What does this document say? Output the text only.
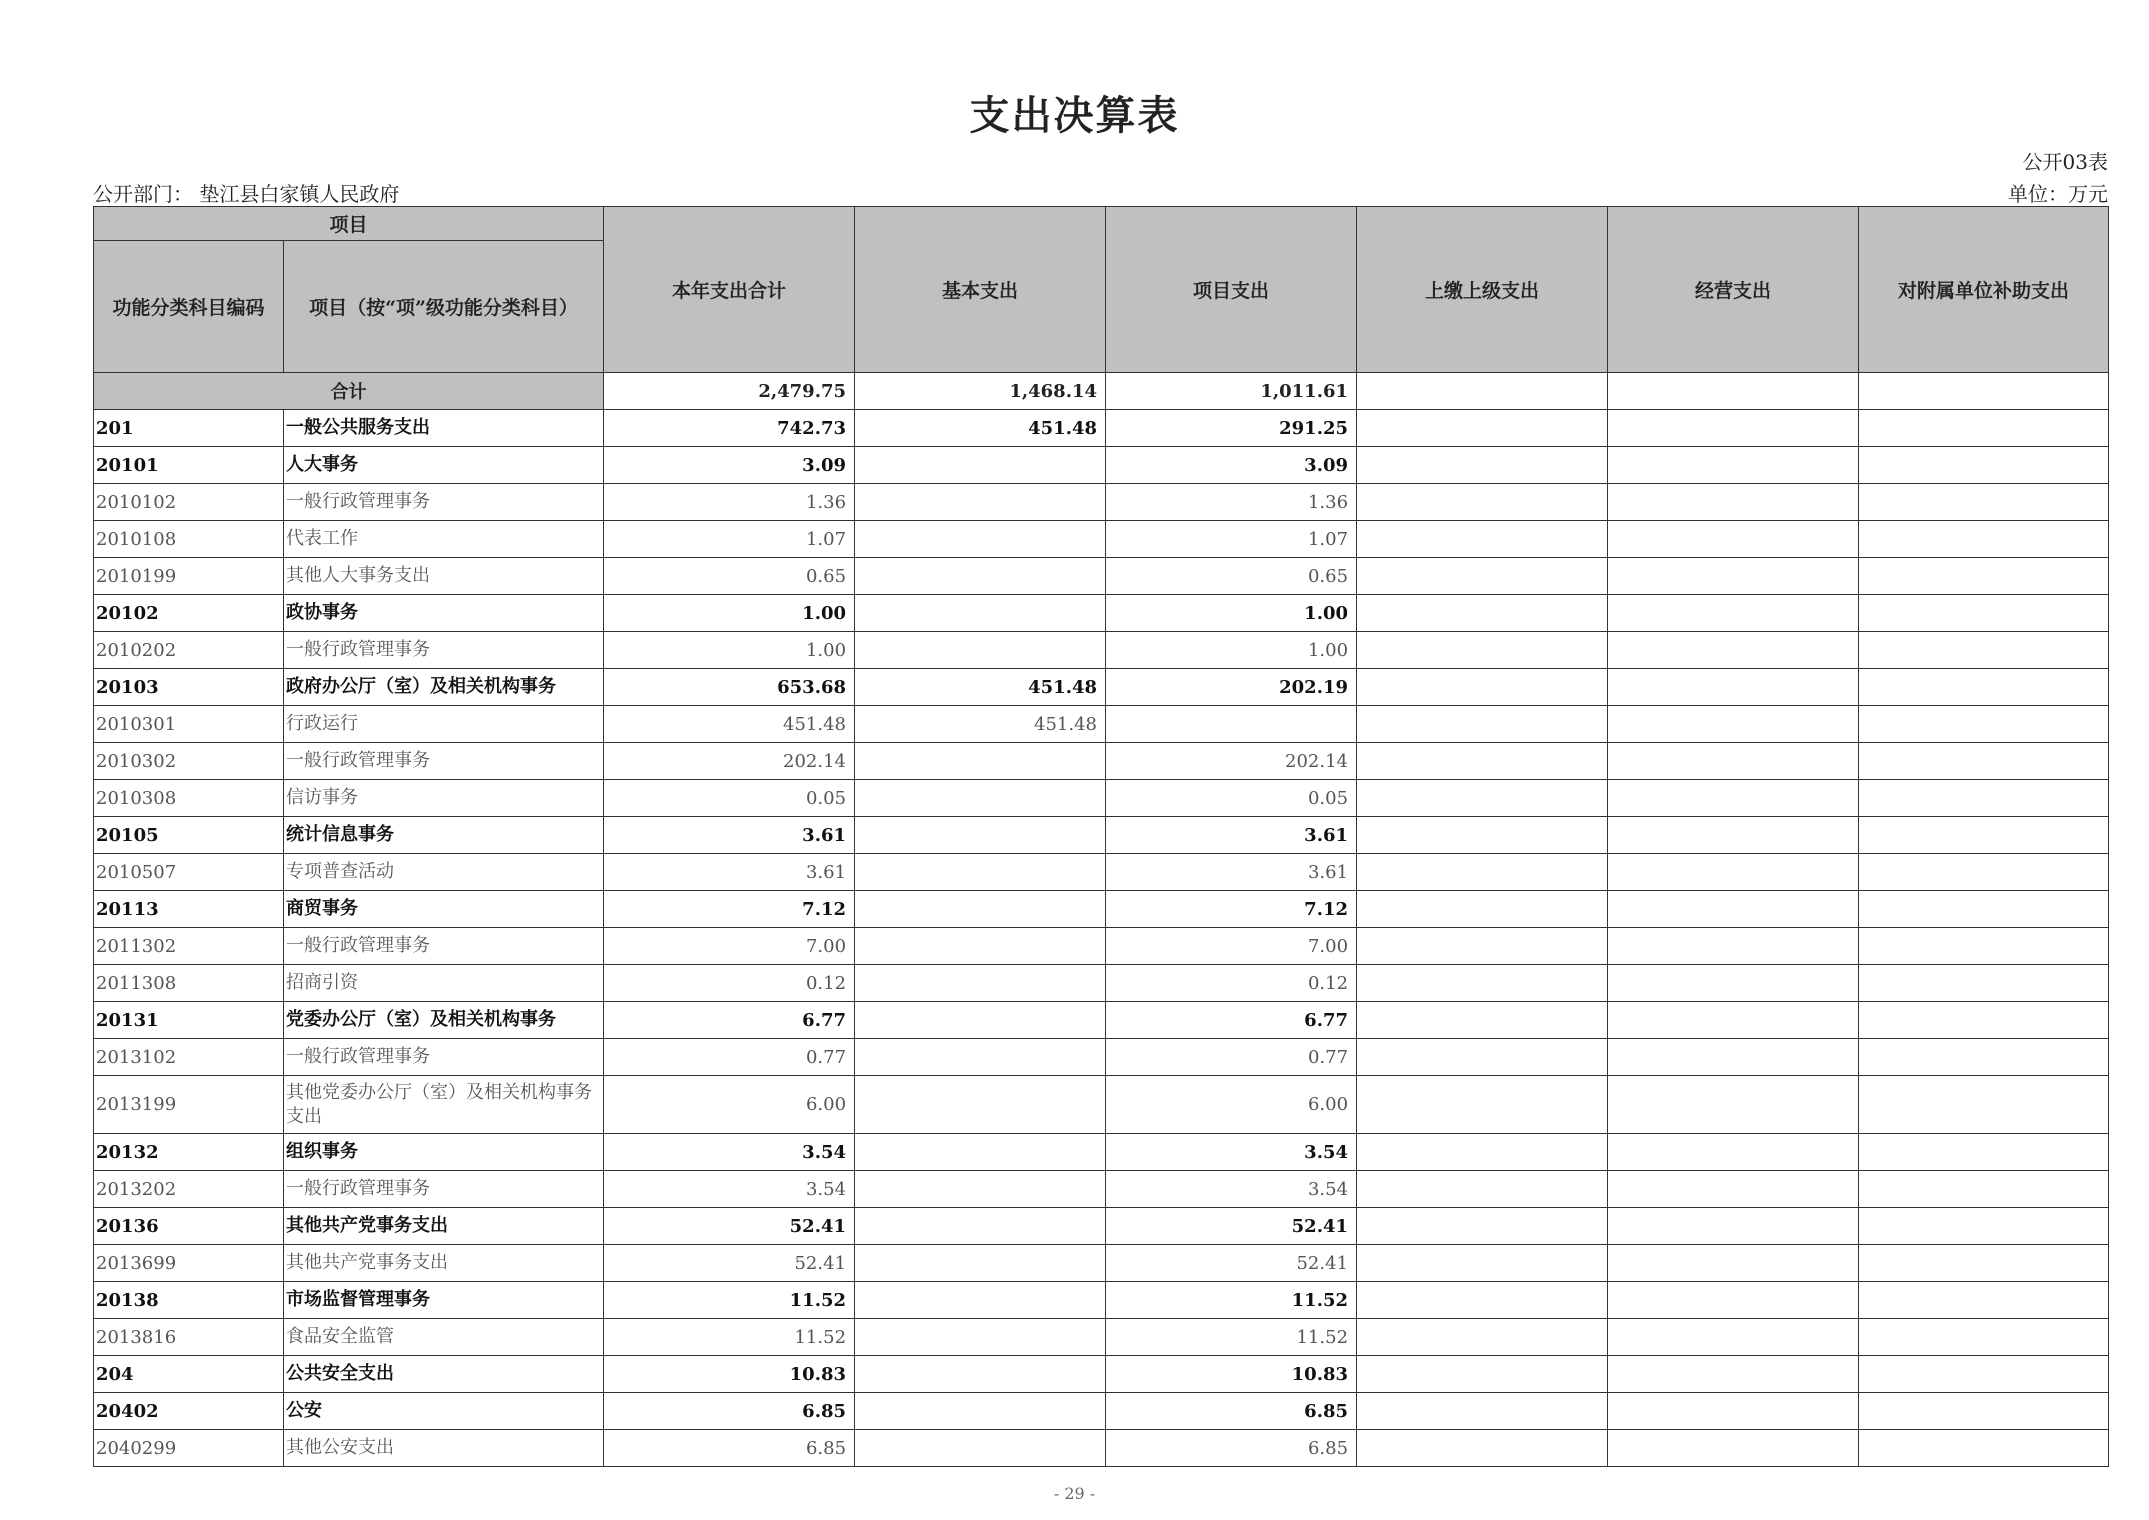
支出决算表
公开03表
公开部门： 垫江县白家镇人民政府	单位：万元
项目		本年支出合计	基本支出	项目支出	上缴上级支出	经营支出	对附属单位补助支出
功能分类科目编码	项目（按“项”级功能分类科目）						
合计		2,479.75	1,468.14	1,011.61			
201	一般公共服务支出	742.73	451.48	291.25			
20101	人大事务	3.09		3.09			
2010102	一般行政管理事务	1.36		1.36			
2010108	代表工作	1.07		1.07			
2010199	其他人大事务支出	0.65		0.65			
20102	政协事务	1.00		1.00			
2010202	一般行政管理事务	1.00		1.00			
20103	政府办公厅（室）及相关机构事务	653.68	451.48	202.19			
2010301	行政运行	451.48	451.48				
2010302	一般行政管理事务	202.14		202.14			
2010308	信访事务	0.05		0.05			
20105	统计信息事务	3.61		3.61			
2010507	专项普查活动	3.61		3.61			
20113	商贸事务	7.12		7.12			
2011302	一般行政管理事务	7.00		7.00			
2011308	招商引资	0.12		0.12			
20131	党委办公厅（室）及相关机构事务	6.77		6.77			
2013102	一般行政管理事务	0.77		0.77			
2013199	其他党委办公厅（室）及相关机构事务支出	6.00		6.00			
20132	组织事务	3.54		3.54			
2013202	一般行政管理事务	3.54		3.54			
20136	其他共产党事务支出	52.41		52.41			
2013699	其他共产党事务支出	52.41		52.41			
20138	市场监督管理事务	11.52		11.52			
2013816	食品安全监管	11.52		11.52			
204	公共安全支出	10.83		10.83			
20402	公安	6.85		6.85			
2040299	其他公安支出	6.85		6.85			
- 29 -
